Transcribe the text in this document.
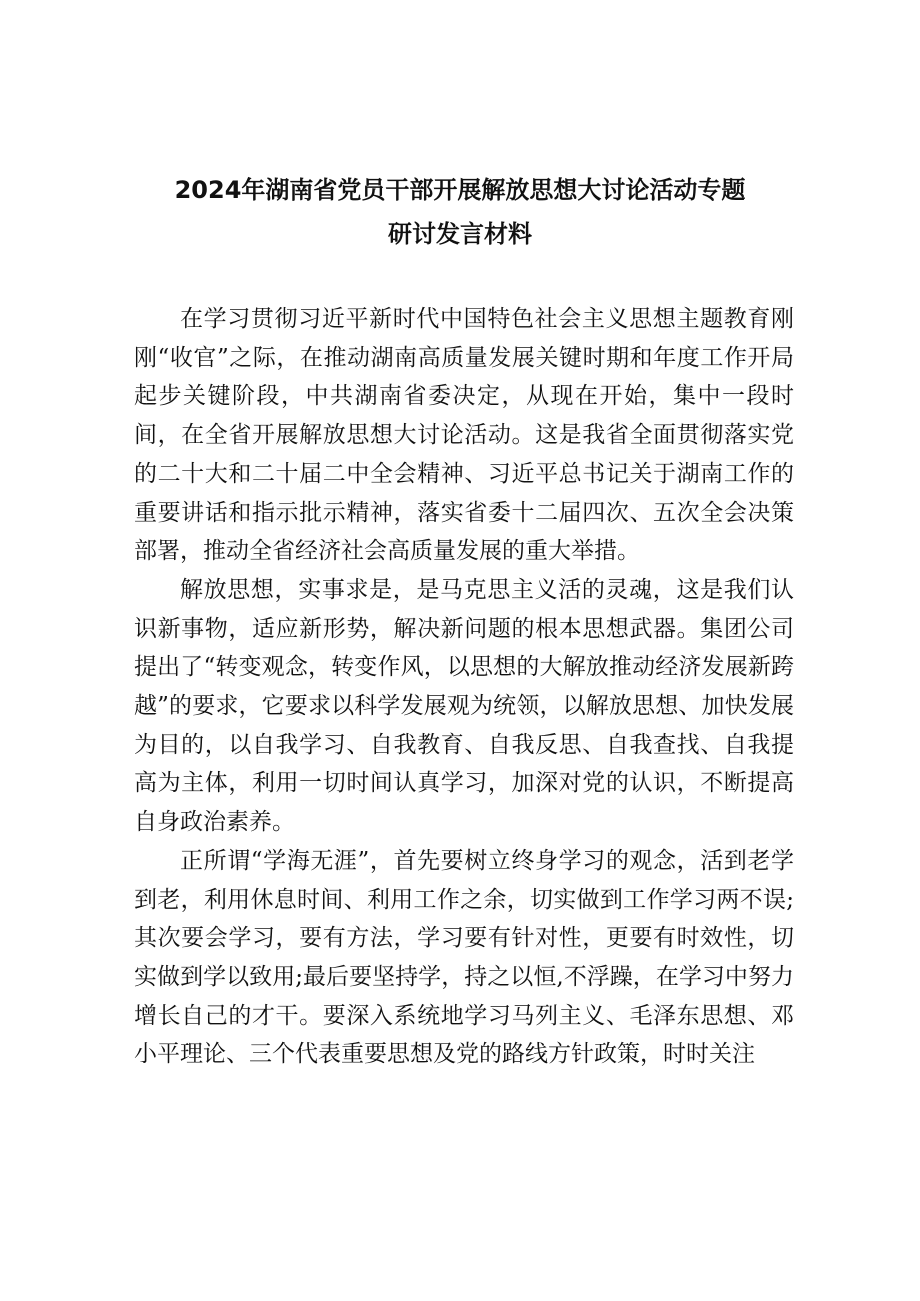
2024年湖南省党员干部开展解放思想大讨论活动专题
研讨发言材料

在学习贯彻习近平新时代中国特色社会主义思想主题教育刚刚“收官”之际，在推动湖南高质量发展关键时期和年度工作开局起步关键阶段，中共湖南省委决定，从现在开始，集中一段时间，在全省开展解放思想大讨论活动。这是我省全面贯彻落实党的二十大和二十届二中全会精神、习近平总书记关于湖南工作的重要讲话和指示批示精神，落实省委十二届四次、五次全会决策部署，推动全省经济社会高质量发展的重大举措。

解放思想，实事求是，是马克思主义活的灵魂，这是我们认识新事物，适应新形势，解决新问题的根本思想武器。集团公司提出了“转变观念，转变作风，以思想的大解放推动经济发展新跨越”的要求，它要求以科学发展观为统领，以解放思想、加快发展为目的，以自我学习、自我教育、自我反思、自我查找、自我提高为主体，利用一切时间认真学习，加深对党的认识，不断提高自身政治素养。

正所谓“学海无涯”，首先要树立终身学习的观念，活到老学到老，利用休息时间、利用工作之余，切实做到工作学习两不误;其次要会学习，要有方法，学习要有针对性，更要有时效性，切实做到学以致用;最后要坚持学，持之以恒,不浮躁，在学习中努力增长自己的才干。要深入系统地学习马列主义、毛泽东思想、邓小平理论、三个代表重要思想及党的路线方针政策，时时关注
